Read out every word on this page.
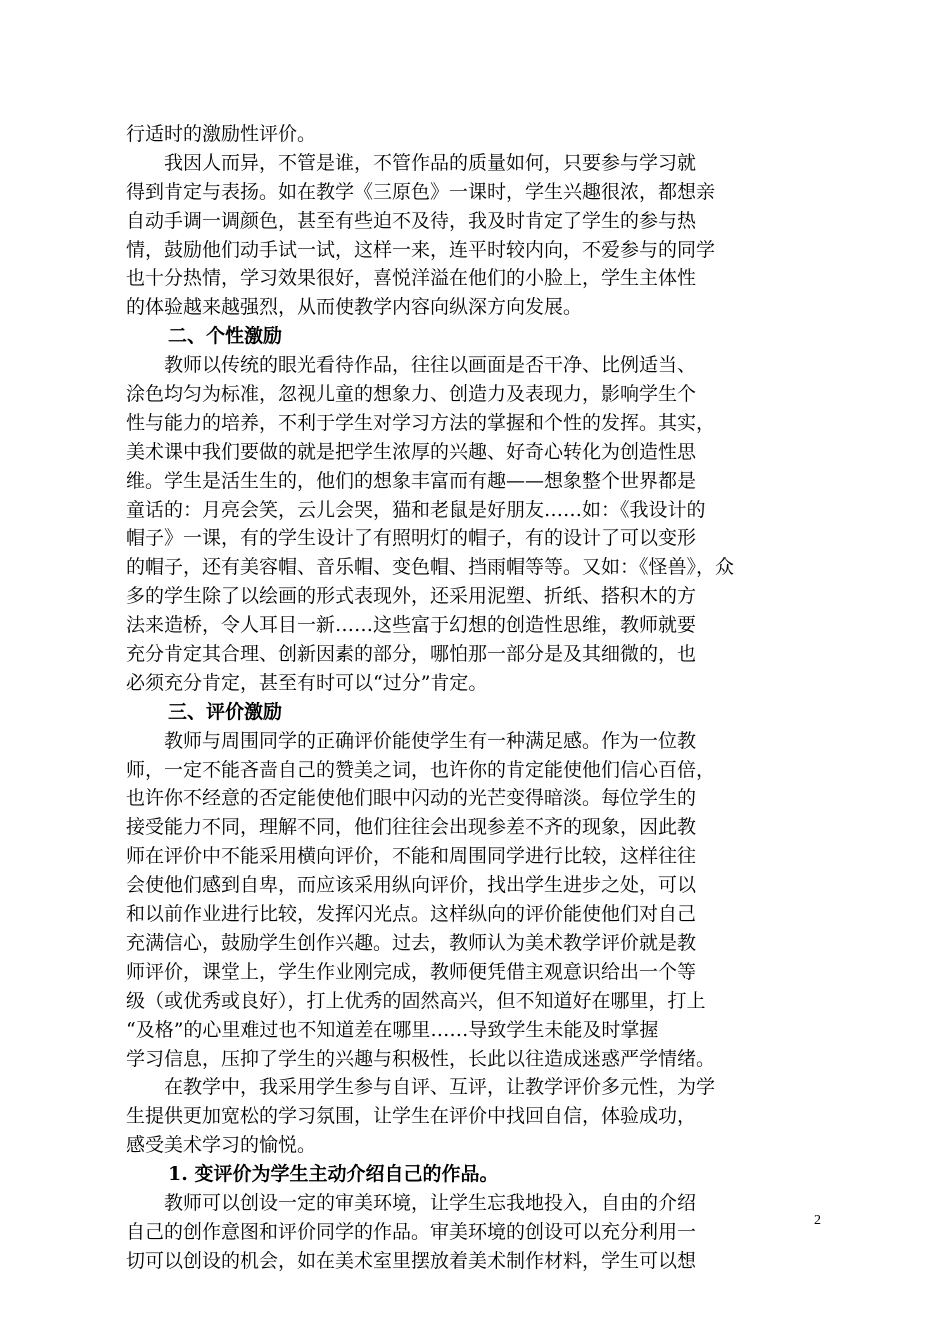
行适时的激励性评价。
　　我因人而异，不管是谁，不管作品的质量如何，只要参与学习就
得到肯定与表扬。如在教学《三原色》一课时，学生兴趣很浓，都想亲
自动手调一调颜色，甚至有些迫不及待，我及时肯定了学生的参与热
情，鼓励他们动手试一试，这样一来，连平时较内向，不爱参与的同学
也十分热情，学习效果很好，喜悦洋溢在他们的小脸上，学生主体性
的体验越来越强烈，从而使教学内容向纵深方向发展。
二、个性激励
　　教师以传统的眼光看待作品，往往以画面是否干净、比例适当、
涂色均匀为标准，忽视儿童的想象力、创造力及表现力，影响学生个
性与能力的培养，不利于学生对学习方法的掌握和个性的发挥。其实，
美术课中我们要做的就是把学生浓厚的兴趣、好奇心转化为创造性思
维。学生是活生生的，他们的想象丰富而有趣——想象整个世界都是
童话的：月亮会笑，云儿会哭，猫和老鼠是好朋友……如：《我设计的
帽子》一课，有的学生设计了有照明灯的帽子，有的设计了可以变形
的帽子，还有美容帽、音乐帽、变色帽、挡雨帽等等。又如：《怪兽》，众
多的学生除了以绘画的形式表现外，还采用泥塑、折纸、搭积木的方
法来造桥，令人耳目一新……这些富于幻想的创造性思维，教师就要
充分肯定其合理、创新因素的部分，哪怕那一部分是及其细微的，也
必须充分肯定，甚至有时可以“过分”肯定。
三、评价激励
　　教师与周围同学的正确评价能使学生有一种满足感。作为一位教
师，一定不能吝啬自己的赞美之词，也许你的肯定能使他们信心百倍，
也许你不经意的否定能使他们眼中闪动的光芒变得暗淡。每位学生的
接受能力不同，理解不同，他们往往会出现参差不齐的现象，因此教
师在评价中不能采用横向评价，不能和周围同学进行比较，这样往往
会使他们感到自卑，而应该采用纵向评价，找出学生进步之处，可以
和以前作业进行比较，发挥闪光点。这样纵向的评价能使他们对自己
充满信心，鼓励学生创作兴趣。过去，教师认为美术教学评价就是教
师评价，课堂上，学生作业刚完成，教师便凭借主观意识给出一个等
级（或优秀或良好），打上优秀的固然高兴，但不知道好在哪里，打上
“及格”的心里难过也不知道差在哪里……导致学生未能及时掌握
学习信息，压抑了学生的兴趣与积极性，长此以往造成迷惑严学情绪。
　　在教学中，我采用学生参与自评、互评，让教学评价多元性，为学
生提供更加宽松的学习氛围，让学生在评价中找回自信，体验成功，
感受美术学习的愉悦。
1. 变评价为学生主动介绍自己的作品。
　　教师可以创设一定的审美环境，让学生忘我地投入，自由的介绍
自己的创作意图和评价同学的作品。审美环境的创设可以充分利用一
切可以创设的机会，如在美术室里摆放着美术制作材料，学生可以想
2
